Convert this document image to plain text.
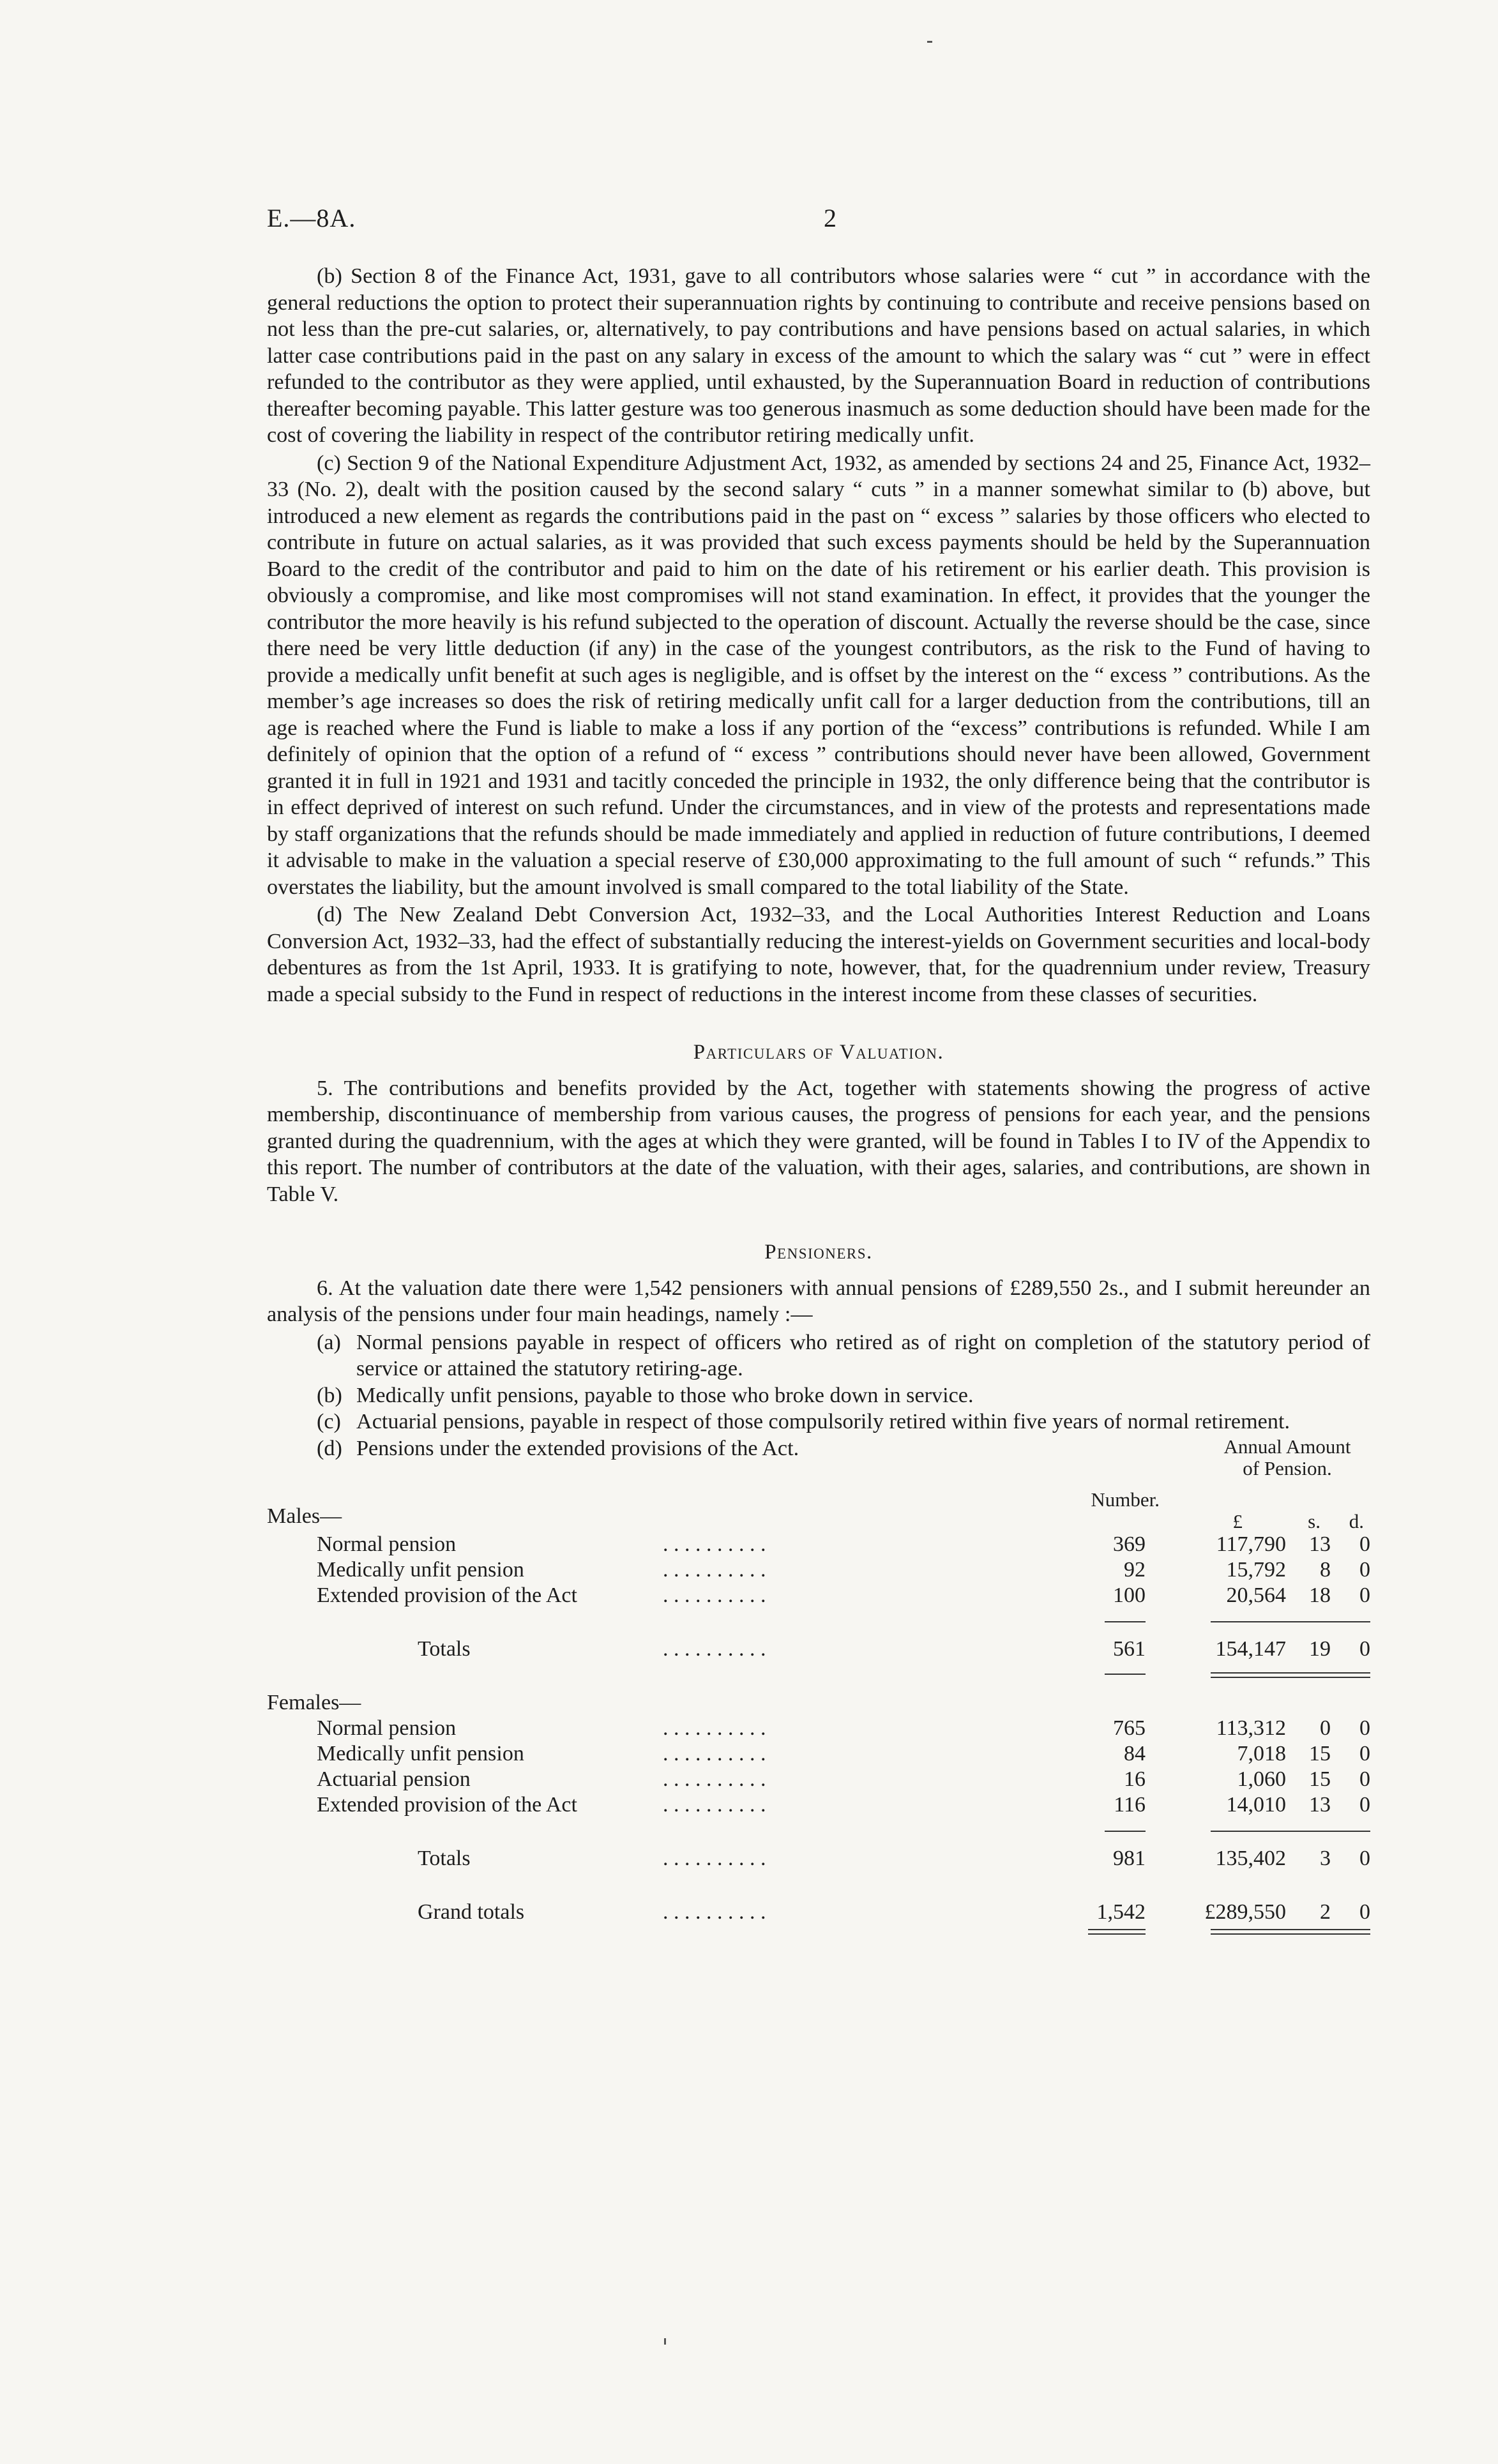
E.—8A.	2

(b) Section 8 of the Finance Act, 1931, gave to all contributors whose salaries were “ cut ” in accordance with the general reductions the option to protect their superannuation rights by continuing to contribute and receive pensions based on not less than the pre-cut salaries, or, alternatively, to pay contributions and have pensions based on actual salaries, in which latter case contributions paid in the past on any salary in excess of the amount to which the salary was “ cut ” were in effect refunded to the contributor as they were applied, until exhausted, by the Superannuation Board in reduction of contributions thereafter becoming payable. This latter gesture was too generous inasmuch as some deduction should have been made for the cost of covering the liability in respect of the contributor retiring medically unfit.

(c) Section 9 of the National Expenditure Adjustment Act, 1932, as amended by sections 24 and 25, Finance Act, 1932–33 (No. 2), dealt with the position caused by the second salary “ cuts ” in a manner somewhat similar to (b) above, but introduced a new element as regards the contributions paid in the past on “ excess ” salaries by those officers who elected to contribute in future on actual salaries, as it was provided that such excess payments should be held by the Superannuation Board to the credit of the contributor and paid to him on the date of his retirement or his earlier death. This provision is obviously a compromise, and like most compromises will not stand examination. In effect, it provides that the younger the contributor the more heavily is his refund subjected to the operation of discount. Actually the reverse should be the case, since there need be very little deduction (if any) in the case of the youngest contributors, as the risk to the Fund of having to provide a medically unfit benefit at such ages is negligible, and is offset by the interest on the “ excess ” contributions. As the member’s age increases so does the risk of retiring medically unfit call for a larger deduction from the contributions, till an age is reached where the Fund is liable to make a loss if any portion of the “excess” contributions is refunded. While I am definitely of opinion that the option of a refund of “ excess ” contributions should never have been allowed, Government granted it in full in 1921 and 1931 and tacitly conceded the principle in 1932, the only difference being that the contributor is in effect deprived of interest on such refund. Under the circumstances, and in view of the protests and representations made by staff organizations that the refunds should be made immediately and applied in reduction of future contributions, I deemed it advisable to make in the valuation a special reserve of £30,000 approximating to the full amount of such “ refunds.” This overstates the liability, but the amount involved is small compared to the total liability of the State.

(d) The New Zealand Debt Conversion Act, 1932–33, and the Local Authorities Interest Reduction and Loans Conversion Act, 1932–33, had the effect of substantially reducing the interest-yields on Government securities and local-body debentures as from the 1st April, 1933. It is gratifying to note, however, that, for the quadrennium under review, Treasury made a special subsidy to the Fund in respect of reductions in the interest income from these classes of securities.

Particulars of Valuation.

5. The contributions and benefits provided by the Act, together with statements showing the progress of active membership, discontinuance of membership from various causes, the progress of pensions for each year, and the pensions granted during the quadrennium, with the ages at which they were granted, will be found in Tables I to IV of the Appendix to this report. The number of contributors at the date of the valuation, with their ages, salaries, and contributions, are shown in Table V.

Pensioners.

6. At the valuation date there were 1,542 pensioners with annual pensions of £289,550 2s., and I submit hereunder an analysis of the pensions under four main headings, namely :—

(a) Normal pensions payable in respect of officers who retired as of right on completion of the statutory period of service or attained the statutory retiring-age.
(b) Medically unfit pensions, payable to those who broke down in service.
(c) Actuarial pensions, payable in respect of those compulsorily retired within five years of normal retirement.
(d) Pensions under the extended provisions of the Act.	Annual Amount
of Pension.
Number.
£	s. d.
Males—
Normal pension	. . . . . . . . . .	369	117,790	13	0
Medically unfit pension	. . . . . . . . . .	92	15,792	8	0
Extended provision of the Act	. . . . . . . . . .	100	20,564	18	0
Totals	. . . . . . . . . .	561	154,147	19	0
Females—
Normal pension	. . . . . . . . . .	765	113,312	0	0
Medically unfit pension	. . . . . . . . . .	84	7,018	15	0
Actuarial pension	. . . . . . . . . .	16	1,060	15	0
Extended provision of the Act	. . . . . . . . . .	116	14,010	13	0
Totals	. . . . . . . . . .	981	135,402	3	0
Grand totals	. . . . . . . . . .	1,542	£289,550	2	0
